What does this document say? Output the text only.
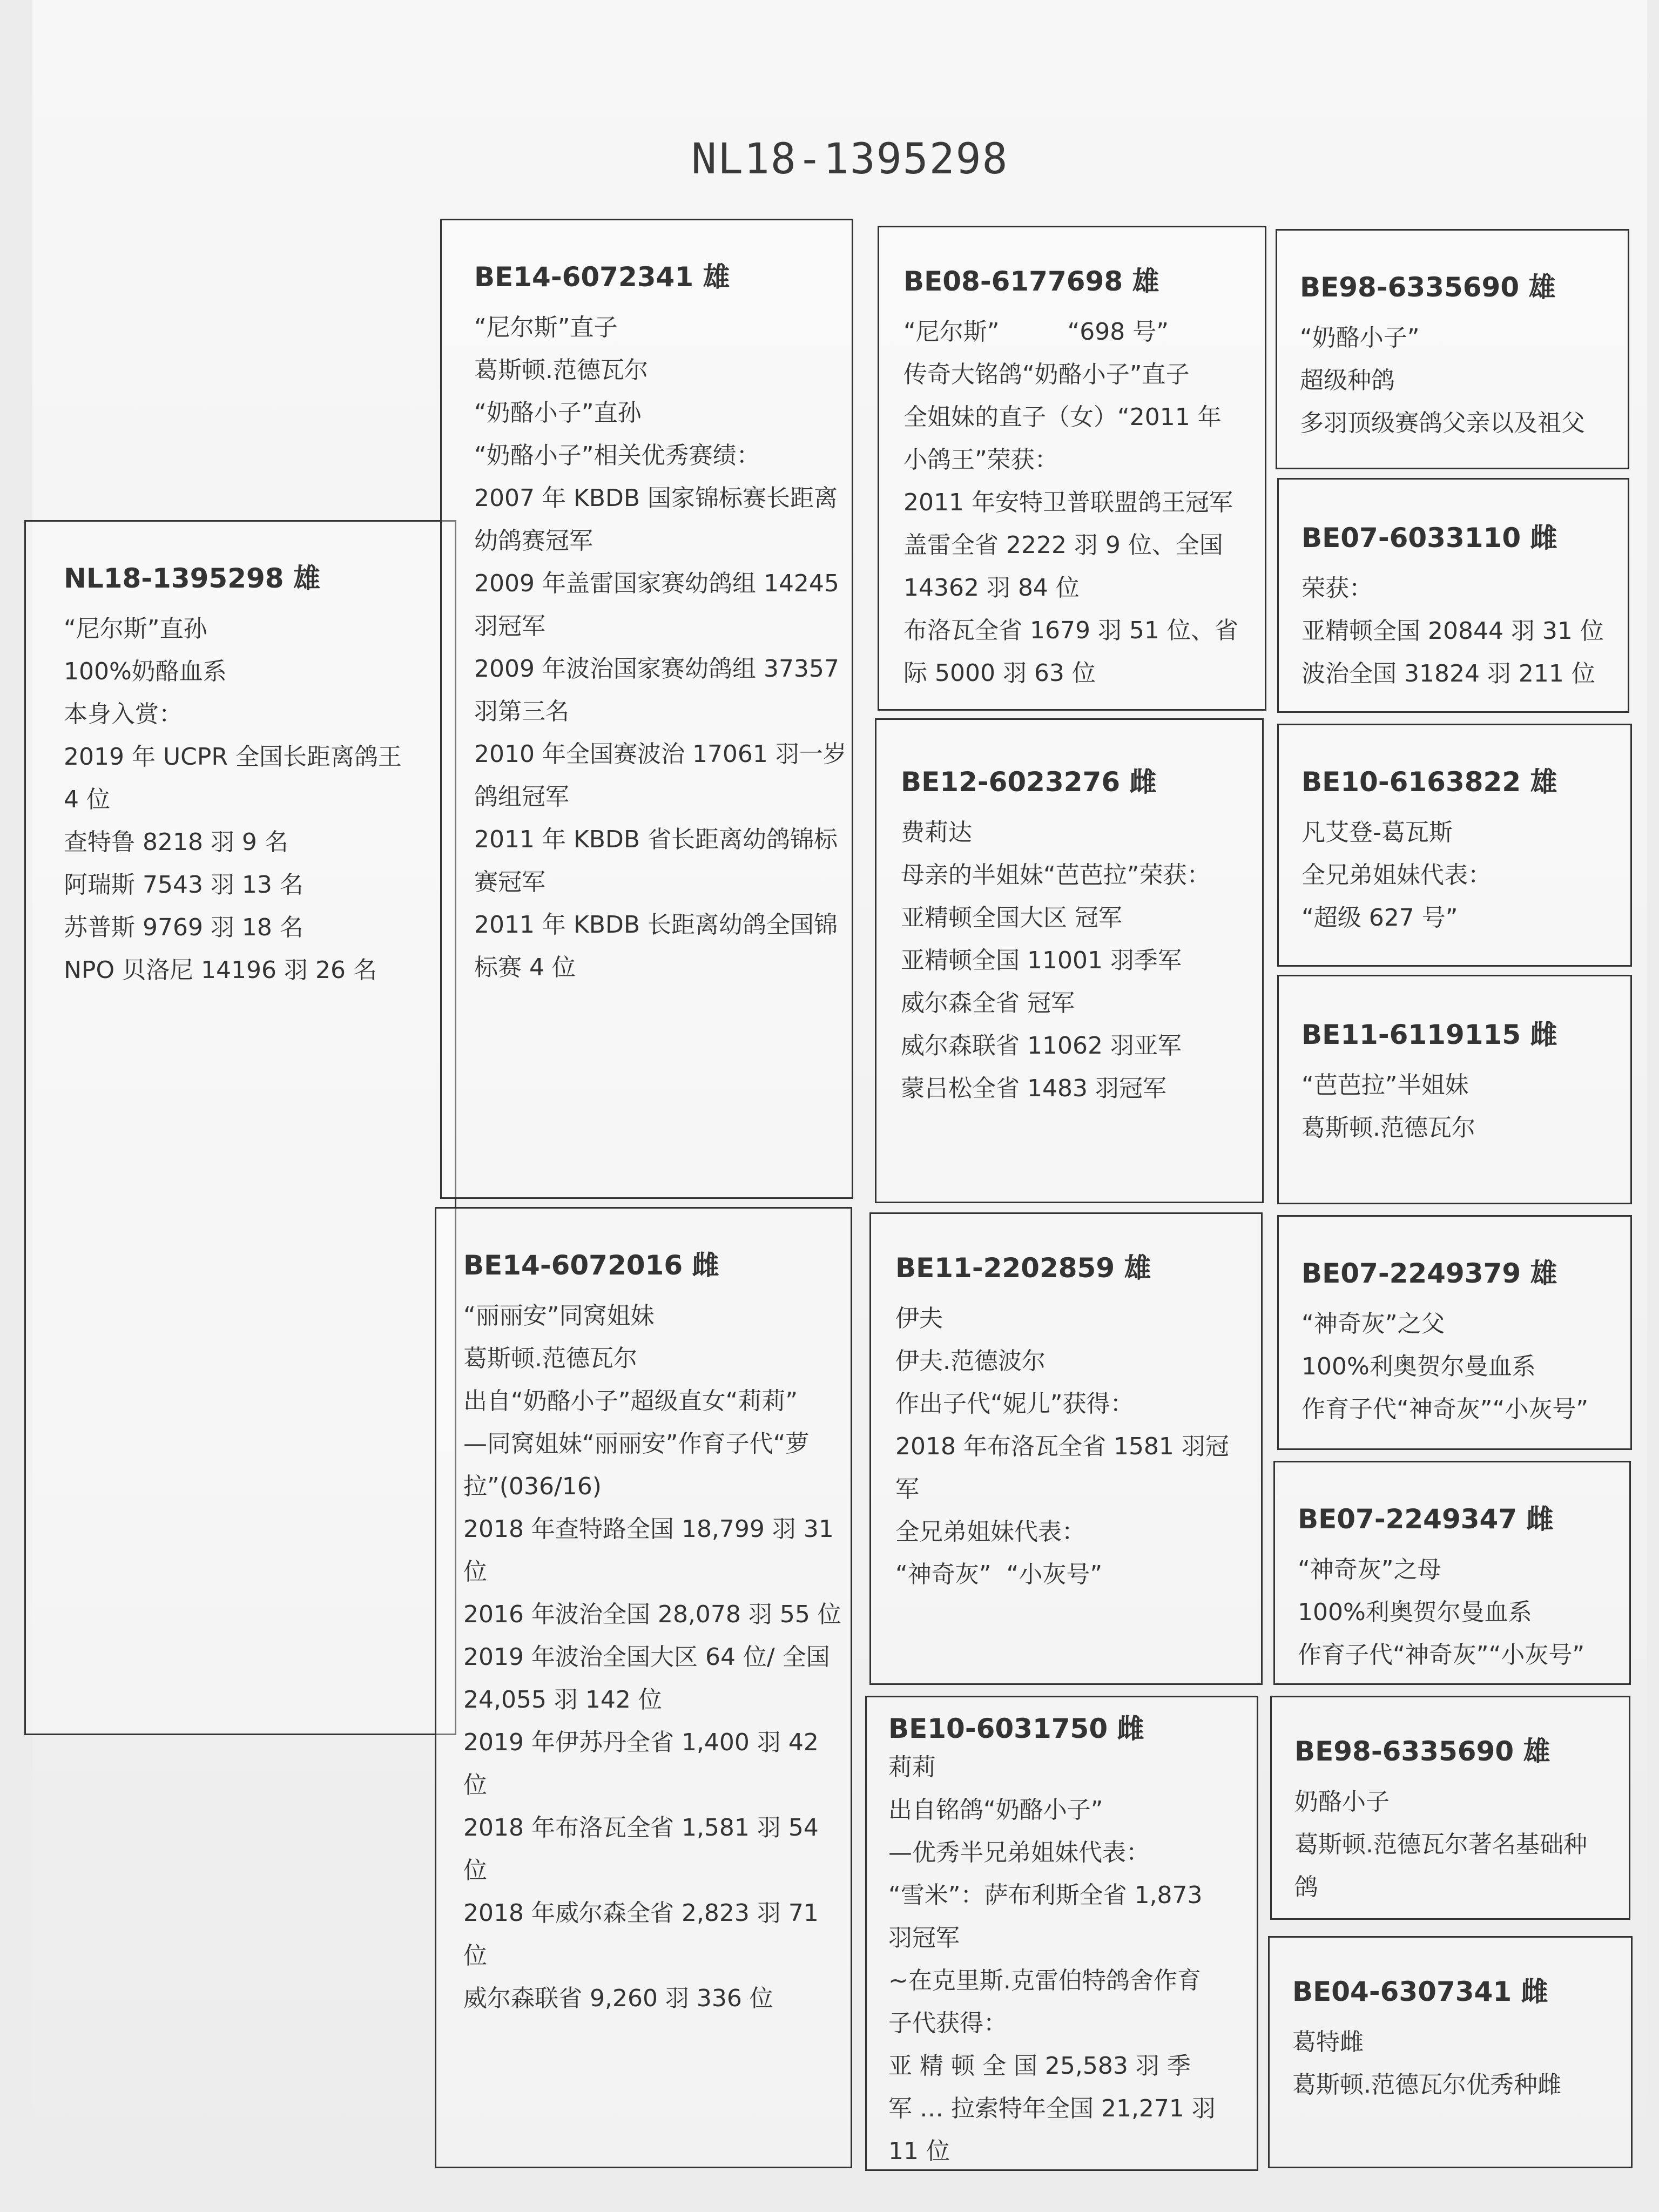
NL18-1395298
NL18-1395298 雄
“尼尔斯”直孙
100%奶酪血系
本身入赏：
2019 年 UCPR 全国长距离鸽王
4 位
查特鲁 8218 羽 9 名
阿瑞斯 7543 羽 13 名
苏普斯 9769 羽 18 名
NPO 贝洛尼 14196 羽 26 名
BE14-6072341 雄
“尼尔斯”直子
葛斯顿.范德瓦尔
“奶酪小子”直孙
“奶酪小子”相关优秀赛绩：
2007 年 KBDB 国家锦标赛长距离
幼鸽赛冠军
2009 年盖雷国家赛幼鸽组 14245
羽冠军
2009 年波治国家赛幼鸽组 37357
羽第三名
2010 年全国赛波治 17061 羽一岁
鸽组冠军
2011 年 KBDB 省长距离幼鸽锦标
赛冠军
2011 年 KBDB 长距离幼鸽全国锦
标赛 4 位
BE14-6072016 雌
“丽丽安”同窝姐妹
葛斯顿.范德瓦尔
出自“奶酪小子”超级直女“莉莉”
—同窝姐妹“丽丽安”作育子代“萝
拉”(036/16)
2018 年查特路全国 18,799 羽 31
位
2016 年波治全国 28,078 羽 55 位
2019 年波治全国大区 64 位/ 全国
24,055 羽 142 位
2019 年伊苏丹全省 1,400 羽 42
位
2018 年布洛瓦全省 1,581 羽 54
位
2018 年威尔森全省 2,823 羽 71
位
威尔森联省 9,260 羽 336 位
BE08-6177698 雄
“尼尔斯”         “698 号”
传奇大铭鸽“奶酪小子”直子
全姐妹的直子（女）“2011 年
小鸽王”荣获：
2011 年安特卫普联盟鸽王冠军
盖雷全省 2222 羽 9 位、全国
14362 羽 84 位
布洛瓦全省 1679 羽 51 位、省
际 5000 羽 63 位
BE12-6023276 雌
费莉达
母亲的半姐妹“芭芭拉”荣获：
亚精顿全国大区 冠军
亚精顿全国 11001 羽季军
威尔森全省 冠军
威尔森联省 11062 羽亚军
蒙吕松全省 1483 羽冠军
BE11-2202859 雄
伊夫
伊夫.范德波尔
作出子代“妮儿”获得：
2018 年布洛瓦全省 1581 羽冠
军
全兄弟姐妹代表：
“神奇灰”  “小灰号”
BE10-6031750 雌
莉莉
出自铭鸽“奶酪小子”
—优秀半兄弟姐妹代表：
“雪米”：萨布利斯全省 1,873
羽冠军
~在克里斯.克雷伯特鸽舍作育
子代获得：
亚 精 顿 全 国 25,583 羽 季
军 … 拉索特年全国 21,271 羽
11 位
BE98-6335690 雄
“奶酪小子”
超级种鸽
多羽顶级赛鸽父亲以及祖父
BE07-6033110 雌
荣获：
亚精顿全国 20844 羽 31 位
波治全国 31824 羽 211 位
BE10-6163822 雄
凡艾登-葛瓦斯
全兄弟姐妹代表：
“超级 627 号”
BE11-6119115 雌
“芭芭拉”半姐妹
葛斯顿.范德瓦尔
BE07-2249379 雄
“神奇灰”之父
100%利奥贺尔曼血系
作育子代“神奇灰”“小灰号”
BE07-2249347 雌
“神奇灰”之母
100%利奥贺尔曼血系
作育子代“神奇灰”“小灰号”
BE98-6335690 雄
奶酪小子
葛斯顿.范德瓦尔著名基础种
鸽
BE04-6307341 雌
葛特雌
葛斯顿.范德瓦尔优秀种雌
